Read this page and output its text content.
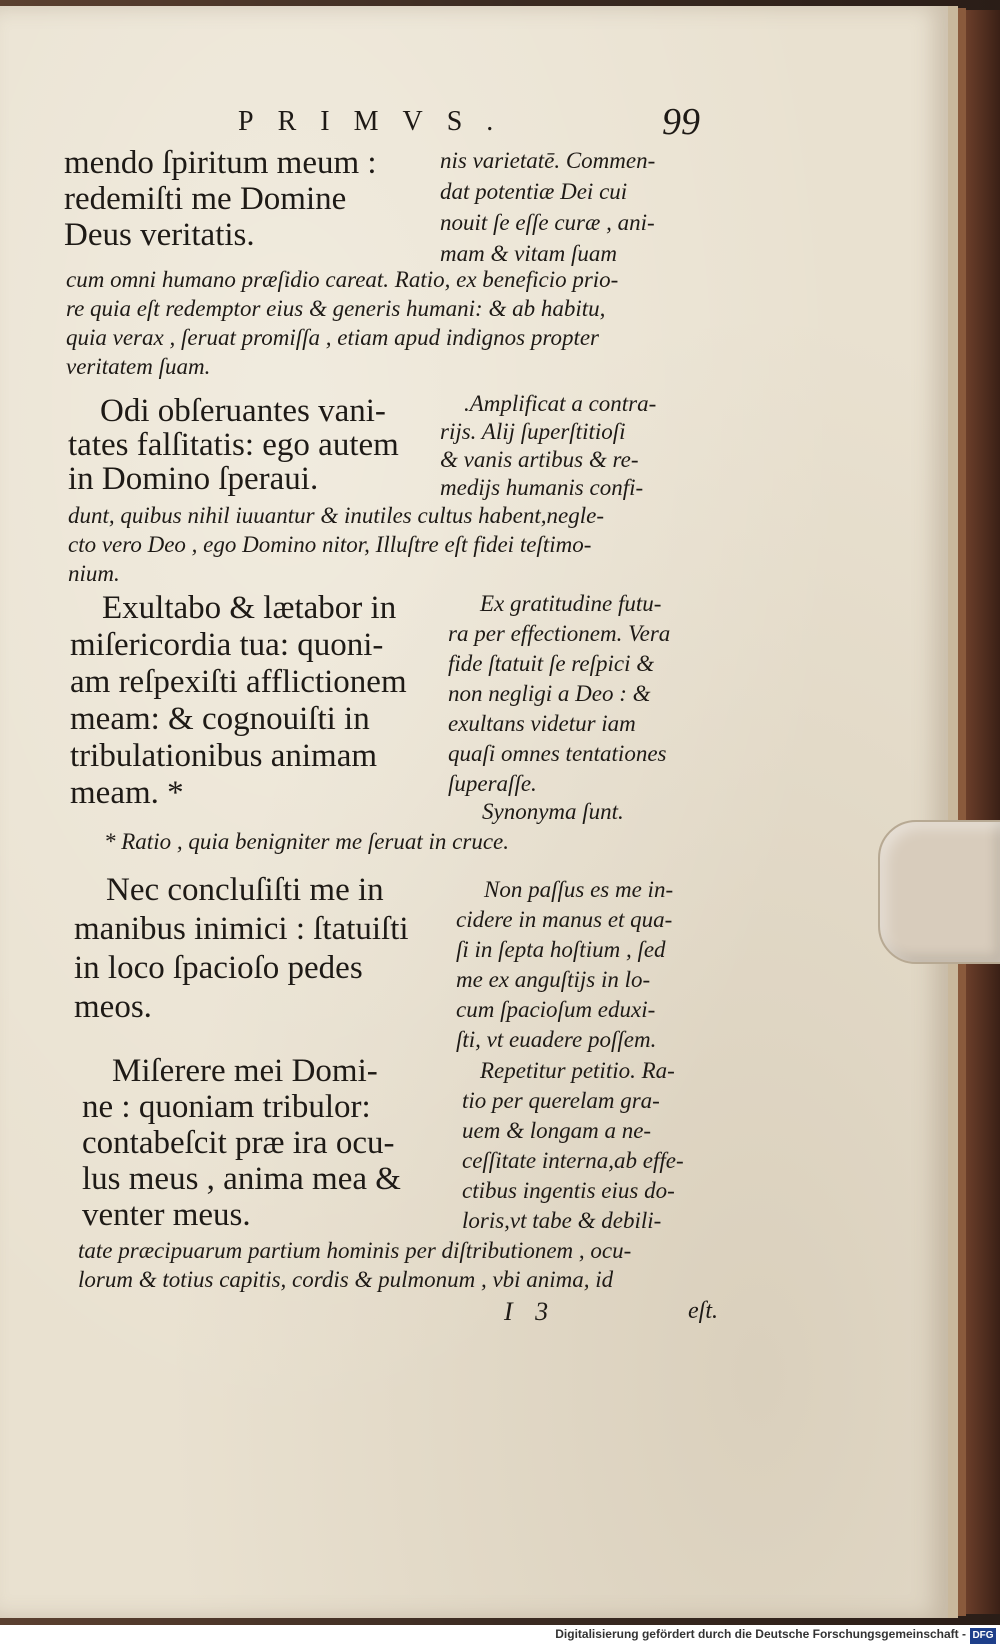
PRIMVS.	99
mendo ſpiritum meum :
redemiſti me Domine
Deus veritatis.
nis varietatē. Commen-
dat potentiæ Dei cui
nouit ſe eſſe curæ , ani-
mam & vitam ſuam
cum omni humano præſidio careat. Ratio, ex beneficio prio-
re quia eſt redemptor eius & generis humani: & ab habitu,
quia verax , ſeruat promiſſa , etiam apud indignos propter
veritatem ſuam.
Odi obſeruantes vani-
tates falſitatis: ego autem
in Domino ſperaui.
.Amplificat a contra-
rijs. Alij ſuperſtitioſi
& vanis artibus & re-
medijs humanis confi-
dunt, quibus nihil iuuantur & inutiles cultus habent,negle-
cto vero Deo , ego Domino nitor, Illuſtre eſt fidei teſtimo-
nium.
Exultabo & lætabor in
miſericordia tua: quoni-
am reſpexiſti afflictionem
meam: & cognouiſti in
tribulationibus animam
meam. *
Ex gratitudine futu-
ra per effectionem. Vera
fide ſtatuit ſe reſpici &
non negligi a Deo : &
exultans videtur iam
quaſi omnes tentationes
ſuperaſſe.
Synonyma ſunt.
* Ratio , quia benigniter me ſeruat in cruce.
Nec concluſiſti me in
manibus inimici : ſtatuiſti
in loco ſpacioſo pedes
meos.
Non paſſus es me in-
cidere in manus et qua-
ſi in ſepta hoſtium , ſed
me ex anguſtijs in lo-
cum ſpacioſum eduxi-
ſti, vt euadere poſſem.
Miſerere mei Domi-
ne : quoniam tribulor:
contabeſcit præ ira ocu-
lus meus , anima mea &
venter meus.
Repetitur petitio. Ra-
tio per querelam gra-
uem & longam a ne-
ceſſitate interna,ab effe-
ctibus ingentis eius do-
loris,vt tabe & debili-
tate præcipuarum partium hominis per diſtributionem , ocu-
lorum & totius capitis, cordis & pulmonum , vbi anima, id
I 3	eſt.
Digitalisierung gefördert durch die Deutsche Forschungsgemeinschaft - DFG
